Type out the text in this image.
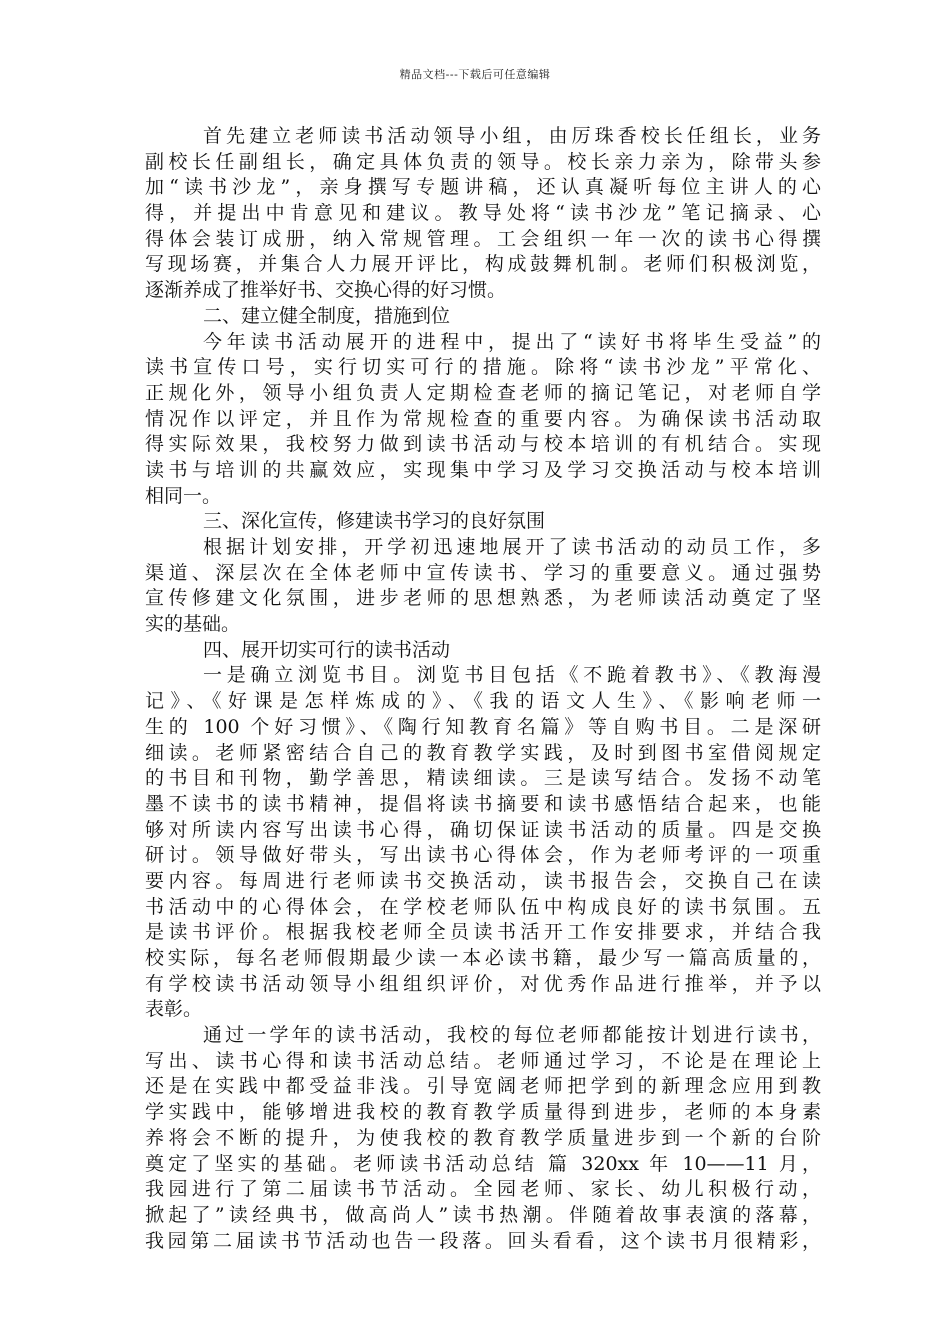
精品文档---下载后可任意编辑
首先建立老师读书活动领导小组，由厉珠香校长任组长，业务
副校长任副组长，确定具体负责的领导。校长亲力亲为，除带头参
加“读书沙龙”，亲身撰写专题讲稿，还认真凝听每位主讲人的心
得，并提出中肯意见和建议。教导处将“读书沙龙”笔记摘录、心
得体会装订成册，纳入常规管理。工会组织一年一次的读书心得撰
写现场赛，并集合人力展开评比，构成鼓舞机制。老师们积极浏览，
逐渐养成了推举好书、交换心得的好习惯。
二、建立健全制度，措施到位
今年读书活动展开的进程中，提出了“读好书将毕生受益”的
读书宣传口号，实行切实可行的措施。除将“读书沙龙”平常化、
正规化外，领导小组负责人定期检查老师的摘记笔记，对老师自学
情况作以评定，并且作为常规检查的重要内容。为确保读书活动取
得实际效果，我校努力做到读书活动与校本培训的有机结合。实现
读书与培训的共赢效应，实现集中学习及学习交换活动与校本培训
相同一。
三、深化宣传，修建读书学习的良好氛围
根据计划安排，开学初迅速地展开了读书活动的动员工作，多
渠道、深层次在全体老师中宣传读书、学习的重要意义。通过强势
宣传修建文化氛围，进步老师的思想熟悉，为老师读活动奠定了坚
实的基础。
四、展开切实可行的读书活动
一是确立浏览书目。浏览书目包括《不跪着教书》、《教海漫
记》、《好课是怎样炼成的》、《我的语文人生》、《影响老师一
生的 100 个好习惯》、《陶行知教育名篇》等自购书目。二是深研
细读。老师紧密结合自己的教育教学实践，及时到图书室借阅规定
的书目和刊物，勤学善思，精读细读。三是读写结合。发扬不动笔
墨不读书的读书精神，提倡将读书摘要和读书感悟结合起来，也能
够对所读内容写出读书心得，确切保证读书活动的质量。四是交换
研讨。领导做好带头，写出读书心得体会，作为老师考评的一项重
要内容。每周进行老师读书交换活动，读书报告会，交换自己在读
书活动中的心得体会，在学校老师队伍中构成良好的读书氛围。五
是读书评价。根据我校老师全员读书活开工作安排要求，并结合我
校实际，每名老师假期最少读一本必读书籍，最少写一篇高质量的，
有学校读书活动领导小组组织评价，对优秀作品进行推举，并予以
表彰。
通过一学年的读书活动，我校的每位老师都能按计划进行读书，
写出、读书心得和读书活动总结。老师通过学习，不论是在理论上
还是在实践中都受益非浅。引导宽阔老师把学到的新理念应用到教
学实践中，能够增进我校的教育教学质量得到进步，老师的本身素
养将会不断的提升，为使我校的教育教学质量进步到一个新的台阶
奠定了坚实的基础。老师读书活动总结 篇 320xx 年 10——11 月，
我园进行了第二届读书节活动。全园老师、家长、幼儿积极行动，
掀起了”读经典书，做高尚人”读书热潮。伴随着故事表演的落幕，
我园第二届读书节活动也告一段落。回头看看，这个读书月很精彩，
